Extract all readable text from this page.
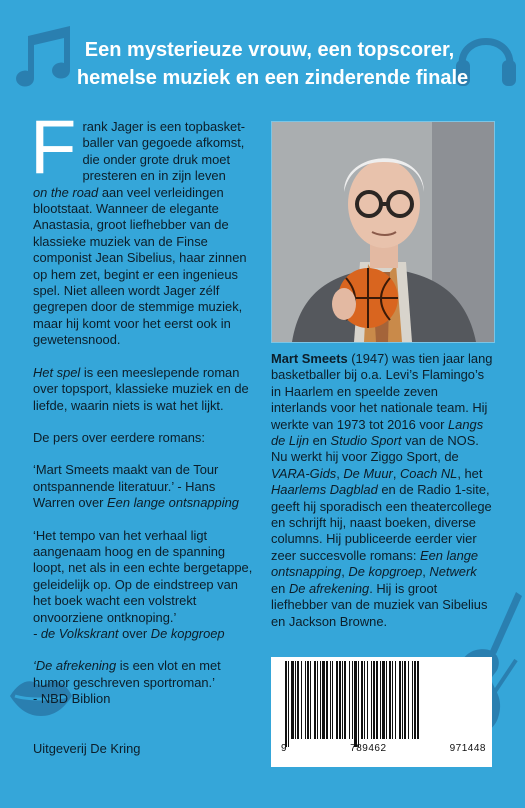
Een mysterieuze vrouw, een topscorer,
hemelse muziek en een zinderende finale

F rank Jager is een topbasket-
baller van gegoede afkomst,
die onder grote druk moet
presteren en in zijn leven
on the road aan veel verleidingen blootstaat. Wanneer de elegante Anastasia, groot liefhebber van de klassieke muziek van de Finse componist Jean Sibelius, haar zinnen op hem zet, begint er een ingenieus spel. Niet alleen wordt Jager zélf gegrepen door de stemmige muziek, maar hij komt voor het eerst ook in gewetensnood.

Het spel is een meeslepende roman over topsport, klassieke muziek en de liefde, waarin niets is wat het lijkt.

De pers over eerdere romans:

‘Mart Smeets maakt van de Tour ontspannende literatuur.’ - Hans Warren over Een lange ontsnapping

‘Het tempo van het verhaal ligt aangenaam hoog en de spanning loopt, net als in een echte bergetappe, geleidelijk op. Op de eindstreep van het boek wacht een volstrekt onvoorziene ontknoping.’
- de Volkskrant over De kopgroep

‘De afrekening is een vlot en met humor geschreven sportroman.’
- NBD Biblion

Mart Smeets (1947) was tien jaar lang basketballer bij o.a. Levi’s Flamingo’s in Haarlem en speelde zeven interlands voor het nationale team. Hij werkte van 1973 tot 2016 voor Langs de Lijn en Studio Sport van de NOS. Nu werkt hij voor Ziggo Sport, de VARA-Gids, De Muur, Coach NL, het Haarlems Dagblad en de Radio 1-site, geeft hij sporadisch een theatercollege en schrijft hij, naast boeken, diverse columns. Hij publiceerde eerder vier zeer succesvolle romans: Een lange ontsnapping, De kopgroep, Netwerk en De afrekening. Hij is groot liefhebber van de muziek van Sibelius en Jackson Browne.
9	789462	971448
Uitgeverij De Kring
